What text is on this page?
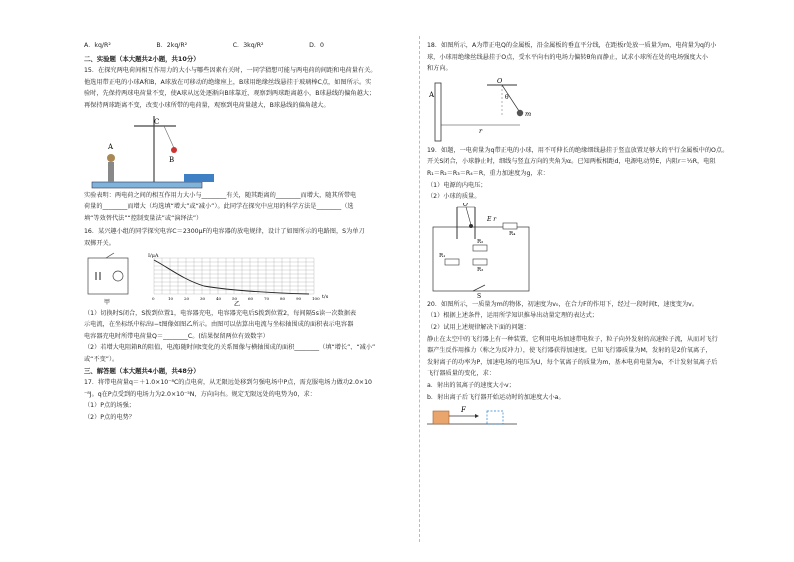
A．kq/R²	B．2kq/R²	C．3kq/R²	D．0

二、实验题（本大题共2小题，共10分）

15．在探究两电荷间相互作用力的大小与哪些因素有关时，一同学猜想可能与两电荷的间距和电荷量有关。

他选用带正电的小球A和B，A球放在可移动的绝缘座上，B球用绝缘丝线悬挂于玻璃棒C点，如图所示。实

验时，先保持两球电荷量不变，使A球从远处逐渐向B球靠近，观察到两球距离越小，B球悬线的偏角越大；

再保持两球距离不变，改变小球所带的电荷量，观察到电荷量越大，B球悬线的偏角越大。

C
A
B

实验表明：两电荷之间的相互作用力大小与________有关，随其距离的________而增大，随其所带电

荷量的________而增大（均选填“增大”或“减小”）。此同学在探究中应用的科学方法是________（选

填“等效替代法”“控制变量法”或“演绎法”）

16．某兴趣小组的同学探究电容C＝2300μF的电容器的放电规律，设计了如图所示的电路图，S为单刀

双掷开关。

甲
I/μA
t/s
0	10	20	30	40	50	60	70	80	90	100
乙

（1）切换时S闭合，S拨到位置1，电容器充电，电容器充电后S拨到位置2，每间隔5s读一次数据表

示电流，在坐标纸中标出I−t图像如图乙所示。由图可以估算出电流与坐标轴围成的面积表示电容器

电容器充电时所带电荷量Q＝________C。(结果保留两位有效数字）

（2）若增大电阻箱R的阻值，电流i随时间t变化的关系图像与横轴围成的面积________（填“增长”、“减小”

或“不变”）。

三、解答题（本大题共4小题，共48分）

17．将带电荷量q＝＋1.0×10⁻⁸C的点电荷，从无限远处移到匀强电场中P点，需克服电场力做功2.0×10

⁻⁸J。q在P点受到的电场力为2.0×10⁻⁵N，方向向右。规定无限远处的电势为0，求：

（1）P点的场强；

（2）P点的电势？

18．如图所示，A为带正电Q的金属板，沿金属板的垂直平分线，在距板r处放一质量为m，电荷量为q的小

球，小球用绝缘丝线悬挂于O点，受水平向右的电场力偏转θ角而静止，试求小球所在处的电场强度大小

和方向。

A
O
θ
m
r

19．如题，一电荷量为q带正电的小球，用不可伸长的绝缘细线悬挂于竖直放置足够大的平行金属板中的O点。

开关S闭合，小球静止时，细线与竖直方向的夹角为α。已知两板相距d，电源电动势E，内阻r＝½R，电阻

R₁＝R₂＝R₃＝R₄＝R，重力加速度为g，求：

（1）电源的内电压；

（2）小球的质量。

O
E r
R₄
R₂
R₁
R₃
S

20．如图所示，一质量为m的物体，初速度为v₀，在合力F的作用下，经过一段时间t，速度变为v。

（1）根据上述条件，运用所学知识推导出动量定理的表达式；

（2）试用上述规律解决下面的问题：

静止在太空中的飞行器上有一种装置，它利用电场加速带电粒子，粒子向外发射的高速粒子流，从而对飞行

器产生反作用推力（称之为反冲力），使飞行器获得加速度。已知飞行器质量为M，发射的是2价氧离子，

发射离子的功率为P，加速电场的电压为U，每个氧离子的质量为m，基本电荷电量为e，不计发射氧离子后

飞行器质量的变化，求：

a．射出的氧离子的速度大小v；

b．射出离子后飞行器开始运动时的加速度大小a。

F
